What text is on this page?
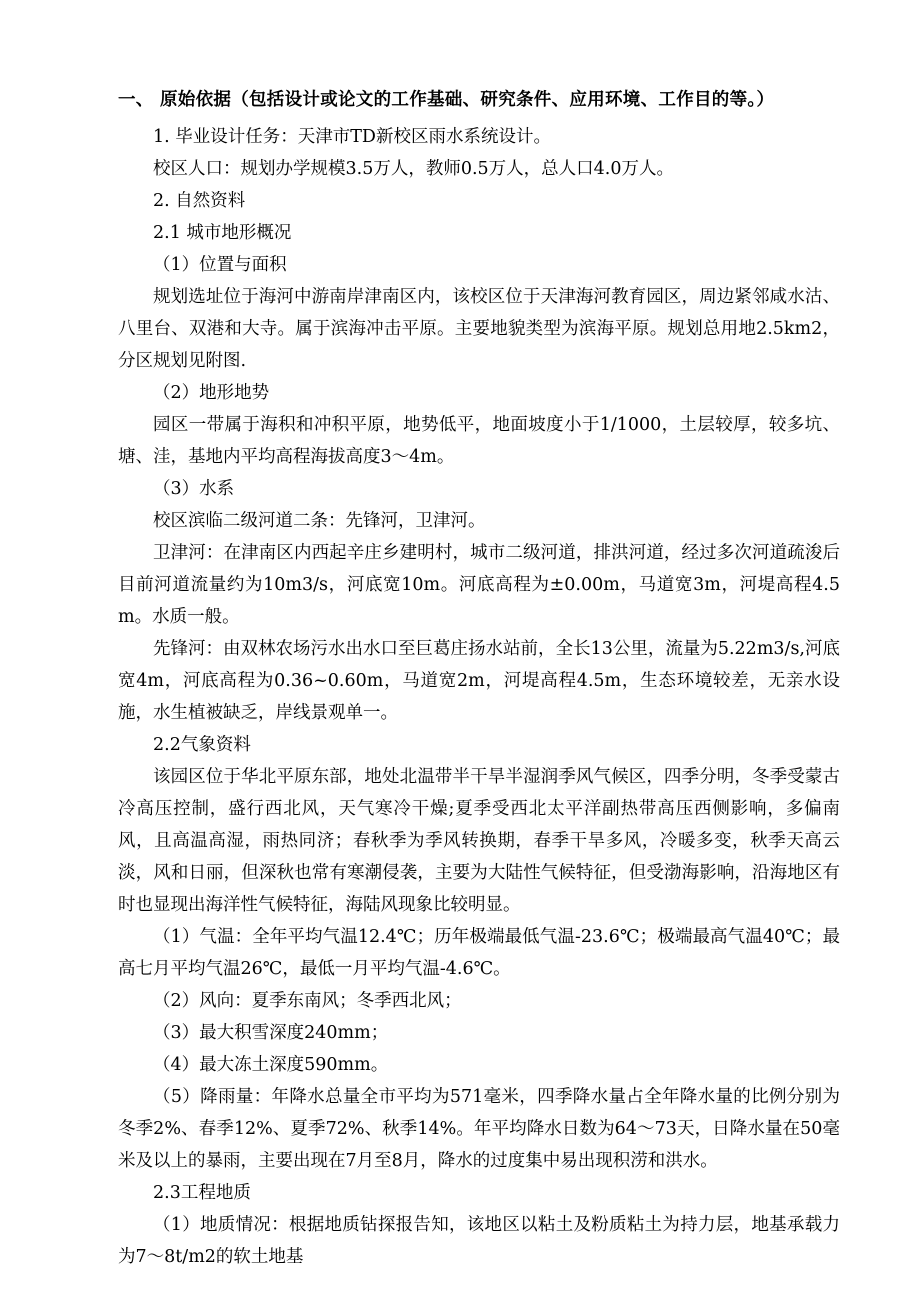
一、 原始依据（包括设计或论文的工作基础、研究条件、应用环境、工作目的等。）

1. 毕业设计任务：天津市TD新校区雨水系统设计。

校区人口：规划办学规模3.5万人，教师0.5万人，总人口4.0万人。

2. 自然资料

2.1 城市地形概况

（1）位置与面积

规划选址位于海河中游南岸津南区内，该校区位于天津海河教育园区，周边紧邻咸水沽、八里台、双港和大寺。属于滨海冲击平原。主要地貌类型为滨海平原。规划总用地2.5km2，分区规划见附图.

（2）地形地势

园区一带属于海积和冲积平原，地势低平，地面坡度小于1/1000，土层较厚，较多坑、塘、洼，基地内平均高程海拔高度3～4m。

（3）水系

校区滨临二级河道二条：先锋河，卫津河。

卫津河：在津南区内西起辛庄乡建明村，城市二级河道，排洪河道，经过多次河道疏浚后目前河道流量约为10m3/s，河底宽10m。河底高程为±0.00m，马道宽3m，河堤高程4.5m。水质一般。

先锋河：由双林农场污水出水口至巨葛庄扬水站前，全长13公里，流量为5.22m3/s,河底宽4m，河底高程为0.36~0.60m，马道宽2m，河堤高程4.5m，生态环境较差，无亲水设施，水生植被缺乏，岸线景观单一。

2.2气象资料

该园区位于华北平原东部，地处北温带半干旱半湿润季风气候区，四季分明，冬季受蒙古冷高压控制，盛行西北风，天气寒冷干燥;夏季受西北太平洋副热带高压西侧影响，多偏南风，且高温高湿，雨热同济；春秋季为季风转换期，春季干旱多风，冷暖多变，秋季天高云淡，风和日丽，但深秋也常有寒潮侵袭，主要为大陆性气候特征，但受渤海影响，沿海地区有时也显现出海洋性气候特征，海陆风现象比较明显。

（1）气温：全年平均气温12.4℃；历年极端最低气温-23.6℃；极端最高气温40℃；最高七月平均气温26℃，最低一月平均气温-4.6℃。

（2）风向：夏季东南风；冬季西北风；

（3）最大积雪深度240mm；

（4）最大冻土深度590mm。

（5）降雨量：年降水总量全市平均为571毫米，四季降水量占全年降水量的比例分别为冬季2%、春季12%、夏季72%、秋季14%。年平均降水日数为64～73天，日降水量在50毫米及以上的暴雨，主要出现在7月至8月，降水的过度集中易出现积涝和洪水。

2.3工程地质

（1）地质情况：根据地质钻探报告知，该地区以粘土及粉质粘土为持力层，地基承载力为7～8t/m2的软土地基
